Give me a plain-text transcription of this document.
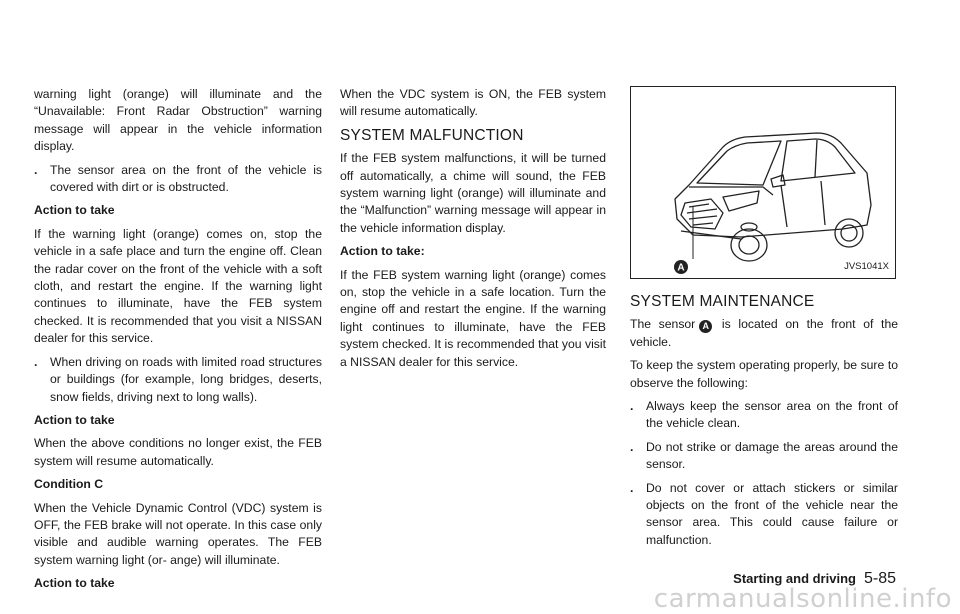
warning light (orange) will illuminate and the “Unavailable: Front Radar Obstruction” warning message will appear in the vehicle information display.

.	The sensor area on the front of the vehicle is covered with dirt or is obstructed.
Action to take

If the warning light (orange) comes on, stop the vehicle in a safe place and turn the engine off. Clean the radar cover on the front of the vehicle with a soft cloth, and restart the engine. If the warning light continues to illuminate, have the FEB system checked. It is recommended that you visit a NISSAN dealer for this service.

.	When driving on roads with limited road structures or buildings (for example, long bridges, deserts, snow fields, driving next to long walls).
Action to take

When the above conditions no longer exist, the FEB system will resume automatically.

Condition C

When the Vehicle Dynamic Control (VDC) system is OFF, the FEB brake will not operate. In this case only visible and audible warning operates. The FEB system warning light (or- ange) will illuminate.

Action to take

When the VDC system is ON, the FEB system will resume automatically.

SYSTEM MALFUNCTION

If the FEB system malfunctions, it will be turned off automatically, a chime will sound, the FEB system warning light (orange) will illuminate and the “Malfunction” warning message will appear in the vehicle information display.

Action to take:

If the FEB system warning light (orange) comes on, stop the vehicle in a safe location. Turn the engine off and restart the engine. If the warning light continues to illuminate, have the FEB system checked. It is recommended that you visit a NISSAN dealer for this service.

A	JVS1041X
SYSTEM MAINTENANCE

The sensor A is located on the front of the vehicle.

To keep the system operating properly, be sure to observe the following:

.	Always keep the sensor area on the front of the vehicle clean.
.	Do not strike or damage the areas around the sensor.
.	Do not cover or attach stickers or similar objects on the front of the vehicle near the sensor area. This could cause failure or malfunction.
Starting and driving 5-85
carmanualsonline.info
